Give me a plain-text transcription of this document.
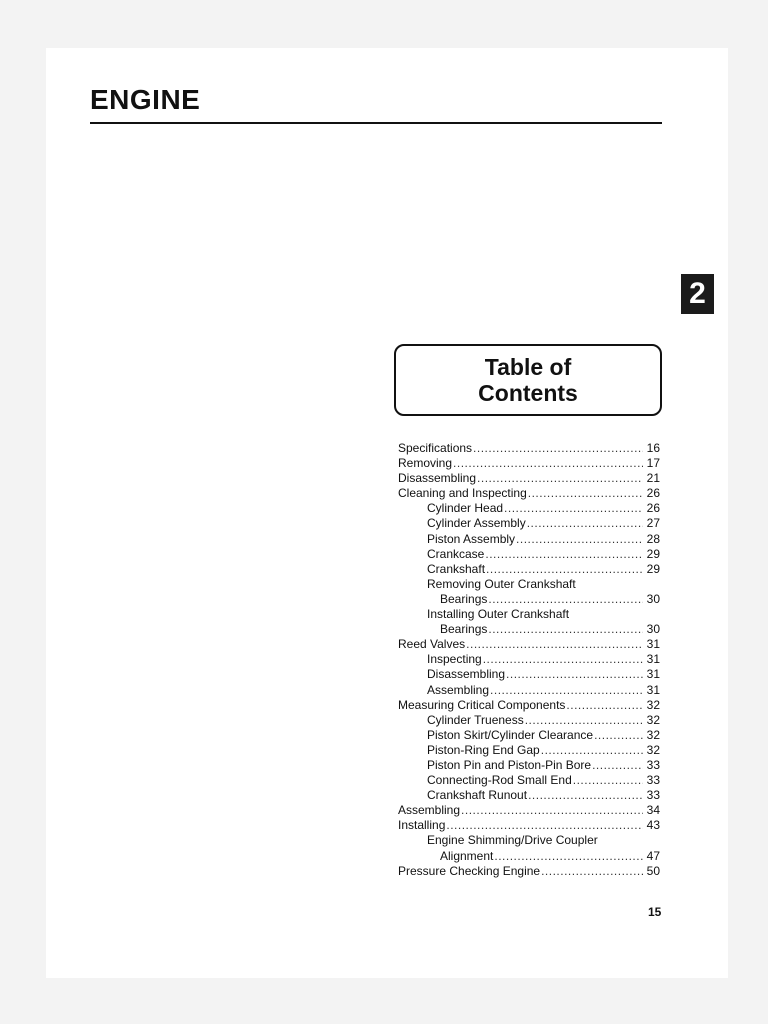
ENGINE
2
Table of
Contents
Specifications .....	16
Removing .....	17
Disassembling .....	21
Cleaning and Inspecting .....	26
Cylinder Head .....	26
Cylinder Assembly .....	27
Piston Assembly .....	28
Crankcase .....	29
Crankshaft .....	29
Removing Outer Crankshaft
Bearings .....	30
Installing Outer Crankshaft
Bearings .....	30
Reed Valves .....	31
Inspecting .....	31
Disassembling .....	31
Assembling .....	31
Measuring Critical Components .....	32
Cylinder Trueness .....	32
Piston Skirt/Cylinder Clearance .....	32
Piston-Ring End Gap .....	32
Piston Pin and Piston-Pin Bore .....	33
Connecting-Rod Small End .....	33
Crankshaft Runout .....	33
Assembling .....	34
Installing .....	43
Engine Shimming/Drive Coupler
Alignment .....	47
Pressure Checking Engine .....	50
15
